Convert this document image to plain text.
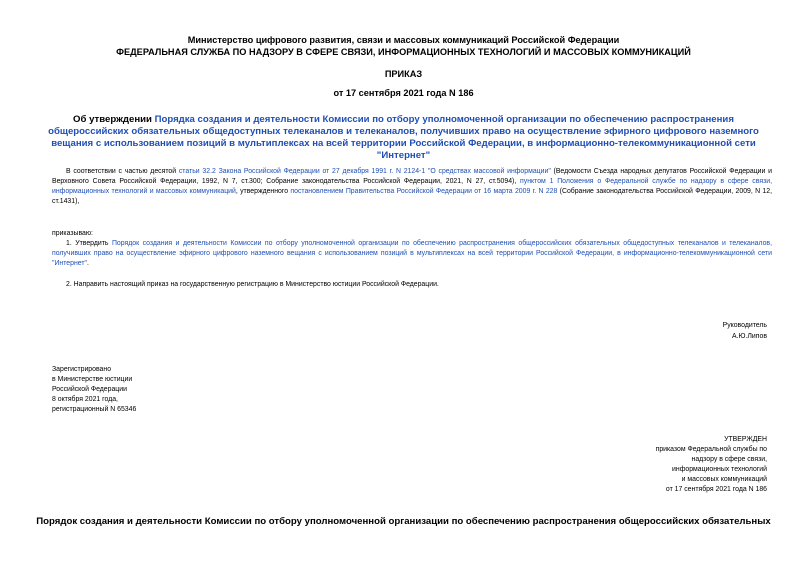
Министерство цифрового развития, связи и массовых коммуникаций Российской Федерации
ФЕДЕРАЛЬНАЯ СЛУЖБА ПО НАДЗОРУ В СФЕРЕ СВЯЗИ, ИНФОРМАЦИОННЫХ ТЕХНОЛОГИЙ И МАССОВЫХ КОММУНИКАЦИЙ
ПРИКАЗ
от 17 сентября 2021 года N 186
Об утверждении Порядка создания и деятельности Комиссии по отбору уполномоченной организации по обеспечению распространения общероссийских обязательных общедоступных телеканалов и телеканалов, получивших право на осуществление эфирного цифрового наземного вещания с использованием позиций в мультиплексах на всей территории Российской Федерации, в информационно-телекоммуникационной сети "Интернет"
В соответствии с частью десятой статьи 32.2 Закона Российской Федерации от 27 декабря 1991 г. N 2124-1 "О средствах массовой информации" (Ведомости Съезда народных депутатов Российской Федерации и Верховного Совета Российской Федерации, 1992, N 7, ст.300; Собрание законодательства Российской Федерации, 2021, N 27, ст.5094), пунктом 1 Положения о Федеральной службе по надзору в сфере связи, информационных технологий и массовых коммуникаций, утвержденного постановлением Правительства Российской Федерации от 16 марта 2009 г. N 228 (Собрание законодательства Российской Федерации, 2009, N 12, ст.1431),
приказываю:
1. Утвердить Порядок создания и деятельности Комиссии по отбору уполномоченной организации по обеспечению распространения общероссийских обязательных общедоступных телеканалов и телеканалов, получивших право на осуществление эфирного цифрового наземного вещания с использованием позиций в мультиплексах на всей территории Российской Федерации, в информационно-телекоммуникационной сети "Интернет".
2. Направить настоящий приказ на государственную регистрацию в Министерство юстиции Российской Федерации.
Руководитель
А.Ю.Липов
Зарегистрировано
в Министерстве юстиции
Российской Федерации
8 октября 2021 года,
регистрационный N 65346
УТВЕРЖДЕН
приказом Федеральной службы по
надзору в сфере связи,
информационных технологий
и массовых коммуникаций
от 17 сентября 2021 года N 186
Порядок создания и деятельности Комиссии по отбору уполномоченной организации по обеспечению распространения общероссийских обязательных
